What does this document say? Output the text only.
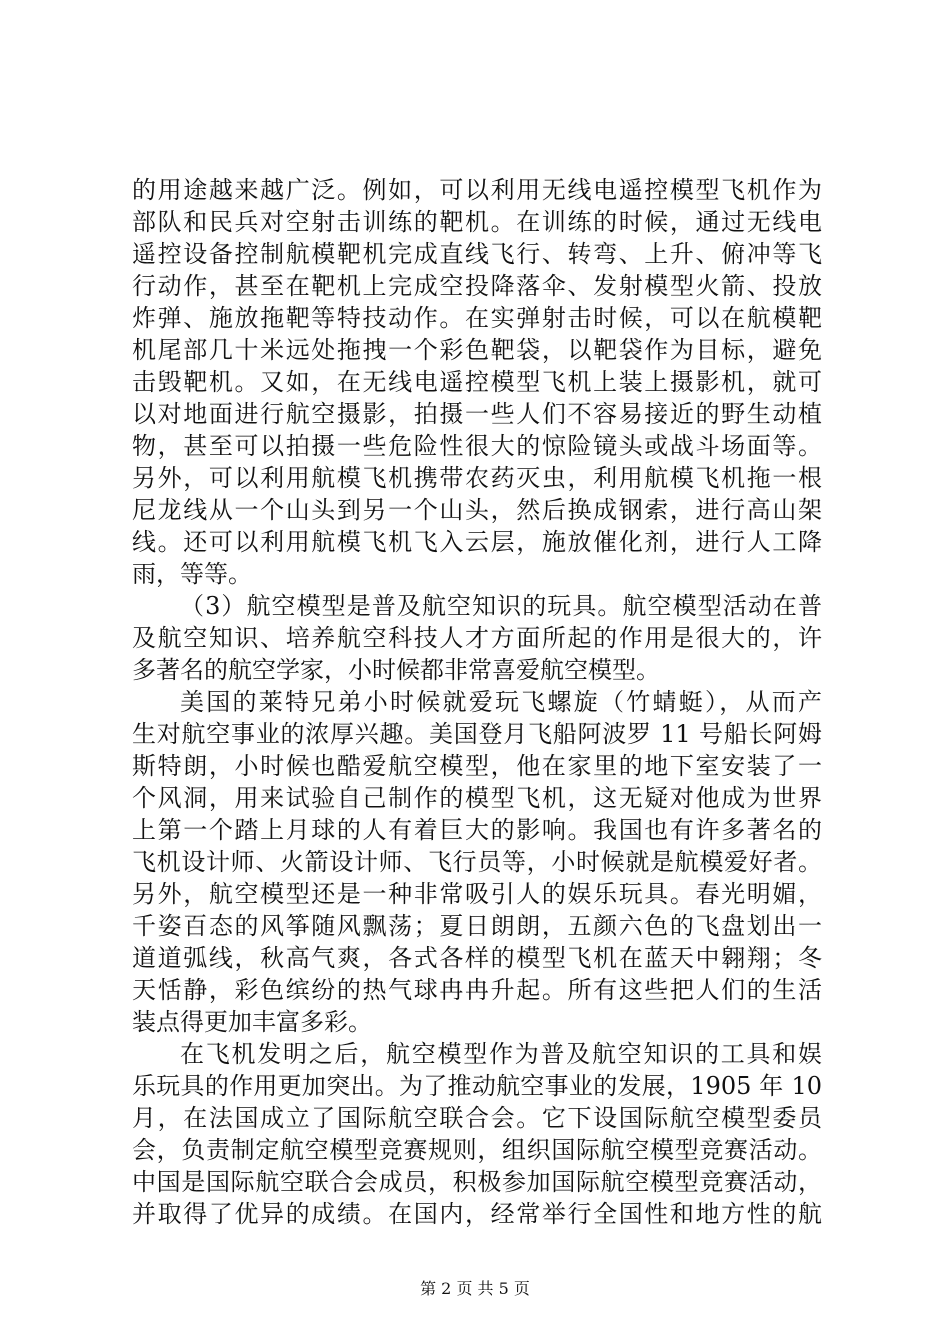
的用途越来越广泛。例如，可以利用无线电遥控模型飞机作为
部队和民兵对空射击训练的靶机。在训练的时候，通过无线电
遥控设备控制航模靶机完成直线飞行、转弯、上升、俯冲等飞
行动作，甚至在靶机上完成空投降落伞、发射模型火箭、投放
炸弹、施放拖靶等特技动作。在实弹射击时候，可以在航模靶
机尾部几十米远处拖拽一个彩色靶袋，以靶袋作为目标，避免
击毁靶机。又如，在无线电遥控模型飞机上装上摄影机，就可
以对地面进行航空摄影，拍摄一些人们不容易接近的野生动植
物，甚至可以拍摄一些危险性很大的惊险镜头或战斗场面等。
另外，可以利用航模飞机携带农药灭虫，利用航模飞机拖一根
尼龙线从一个山头到另一个山头，然后换成钢索，进行高山架
线。还可以利用航模飞机飞入云层，施放催化剂，进行人工降
雨，等等。
（3）航空模型是普及航空知识的玩具。航空模型活动在普
及航空知识、培养航空科技人才方面所起的作用是很大的，许
多著名的航空学家，小时候都非常喜爱航空模型。
美国的莱特兄弟小时候就爱玩飞螺旋（竹蜻蜓），从而产
生对航空事业的浓厚兴趣。美国登月飞船阿波罗 11 号船长阿姆
斯特朗，小时候也酷爱航空模型，他在家里的地下室安装了一
个风洞，用来试验自己制作的模型飞机，这无疑对他成为世界
上第一个踏上月球的人有着巨大的影响。我国也有许多著名的
飞机设计师、火箭设计师、飞行员等，小时候就是航模爱好者。
另外，航空模型还是一种非常吸引人的娱乐玩具。春光明媚，
千姿百态的风筝随风飘荡；夏日朗朗，五颜六色的飞盘划出一
道道弧线，秋高气爽，各式各样的模型飞机在蓝天中翱翔；冬
天恬静，彩色缤纷的热气球冉冉升起。所有这些把人们的生活
装点得更加丰富多彩。
在飞机发明之后，航空模型作为普及航空知识的工具和娱
乐玩具的作用更加突出。为了推动航空事业的发展，1905 年 10
月，在法国成立了国际航空联合会。它下设国际航空模型委员
会，负责制定航空模型竞赛规则，组织国际航空模型竞赛活动。
中国是国际航空联合会成员，积极参加国际航空模型竞赛活动，
并取得了优异的成绩。在国内，经常举行全国性和地方性的航
第 2 页 共 5 页
